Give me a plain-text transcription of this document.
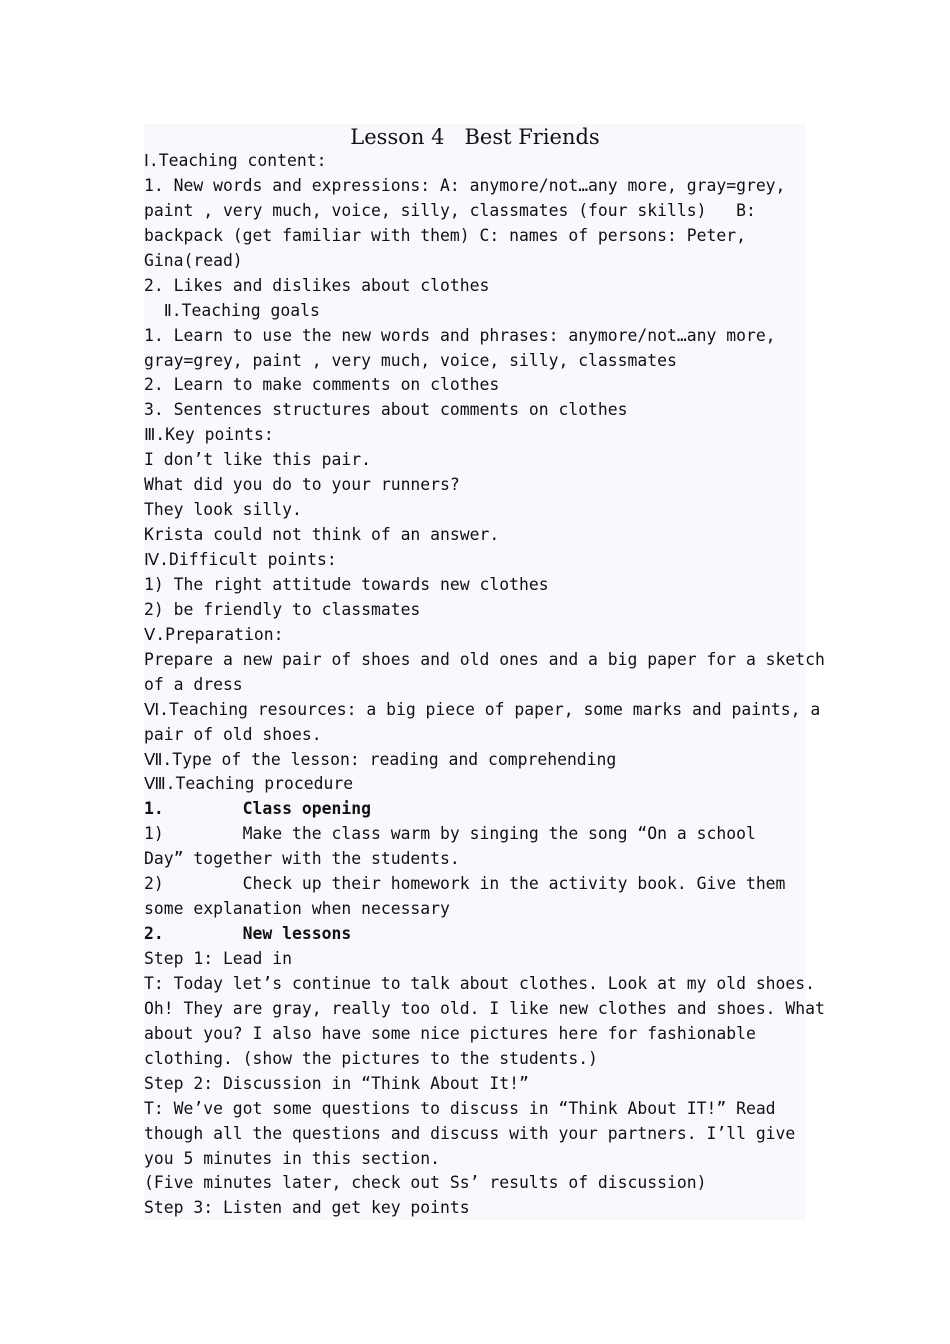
Lesson 4   Best Friends
Ⅰ.Teaching content:
1. New words and expressions: A: anymore/not…any more, gray=grey,
paint , very much, voice, silly, classmates (four skills)   B:
backpack (get familiar with them) C: names of persons: Peter,
Gina(read)
2. Likes and dislikes about clothes
Ⅱ.Teaching goals
1. Learn to use the new words and phrases: anymore/not…any more,
gray=grey, paint , very much, voice, silly, classmates
2. Learn to make comments on clothes
3. Sentences structures about comments on clothes
Ⅲ.Key points:
I don’t like this pair.
What did you do to your runners?
They look silly.
Krista could not think of an answer.
Ⅳ.Difficult points:
1) The right attitude towards new clothes
2) be friendly to classmates
Ⅴ.Preparation:
Prepare a new pair of shoes and old ones and a big paper for a sketch
of a dress
Ⅵ.Teaching resources: a big piece of paper, some marks and paints, a
pair of old shoes.
Ⅶ.Type of the lesson: reading and comprehending
Ⅷ.Teaching procedure
1.        Class opening
1)        Make the class warm by singing the song “On a school
Day” together with the students.
2)        Check up their homework in the activity book. Give them
some explanation when necessary
2.        New lessons
Step 1: Lead in
T: Today let’s continue to talk about clothes. Look at my old shoes.
Oh! They are gray, really too old. I like new clothes and shoes. What
about you? I also have some nice pictures here for fashionable
clothing. (show the pictures to the students.)
Step 2: Discussion in “Think About It!”
T: We’ve got some questions to discuss in “Think About IT!” Read
though all the questions and discuss with your partners. I’ll give
you 5 minutes in this section.
(Five minutes later, check out Ss’ results of discussion)
Step 3: Listen and get key points
